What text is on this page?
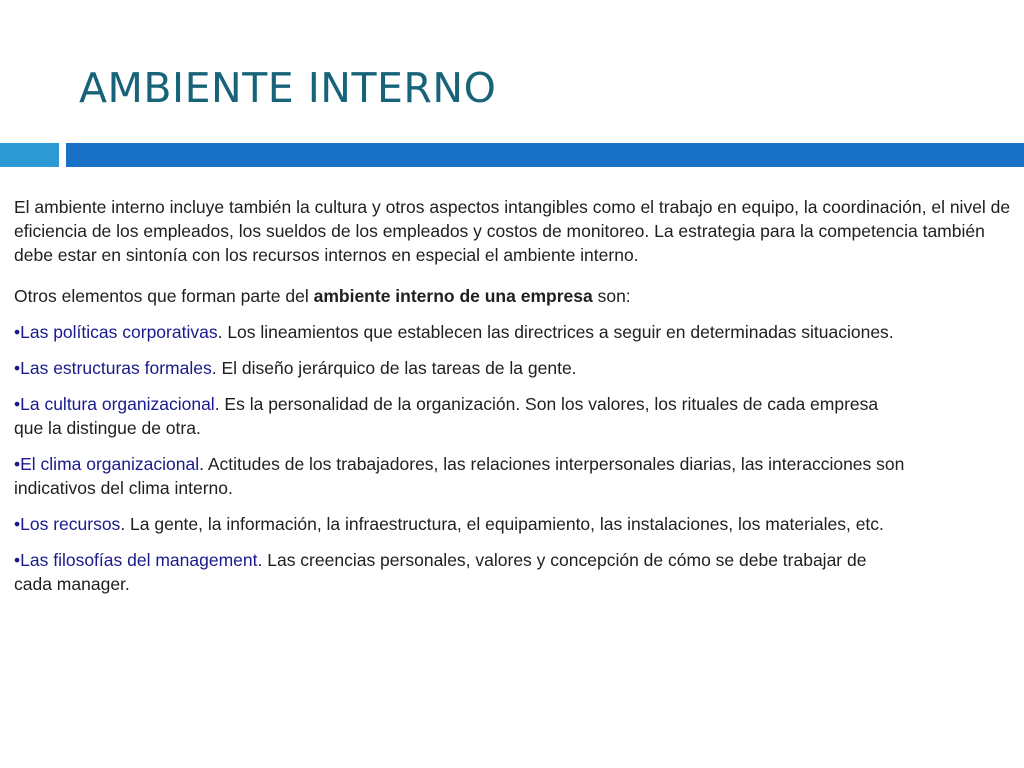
AMBIENTE INTERNO

El ambiente interno incluye también la cultura y otros aspectos intangibles como el trabajo en equipo, la coordinación, el nivel de eficiencia de los empleados, los sueldos de los empleados y costos de monitoreo. La estrategia para la competencia también debe estar en sintonía con los recursos internos en especial el ambiente interno.

Otros elementos que forman parte del ambiente interno de una empresa son:

•Las políticas corporativas. Los lineamientos que establecen las directrices a seguir en determinadas situaciones.

•Las estructuras formales. El diseño jerárquico de las tareas de la gente.

•La cultura organizacional. Es la personalidad de la organización. Son los valores, los rituales de cada empresa
que la distingue de otra.

•El clima organizacional. Actitudes de los trabajadores, las relaciones interpersonales diarias, las interacciones son
indicativos del clima interno.

•Los recursos. La gente, la información, la infraestructura, el equipamiento, las instalaciones, los materiales, etc.

•Las filosofías del management. Las creencias personales, valores y concepción de cómo se debe trabajar de
cada manager.
